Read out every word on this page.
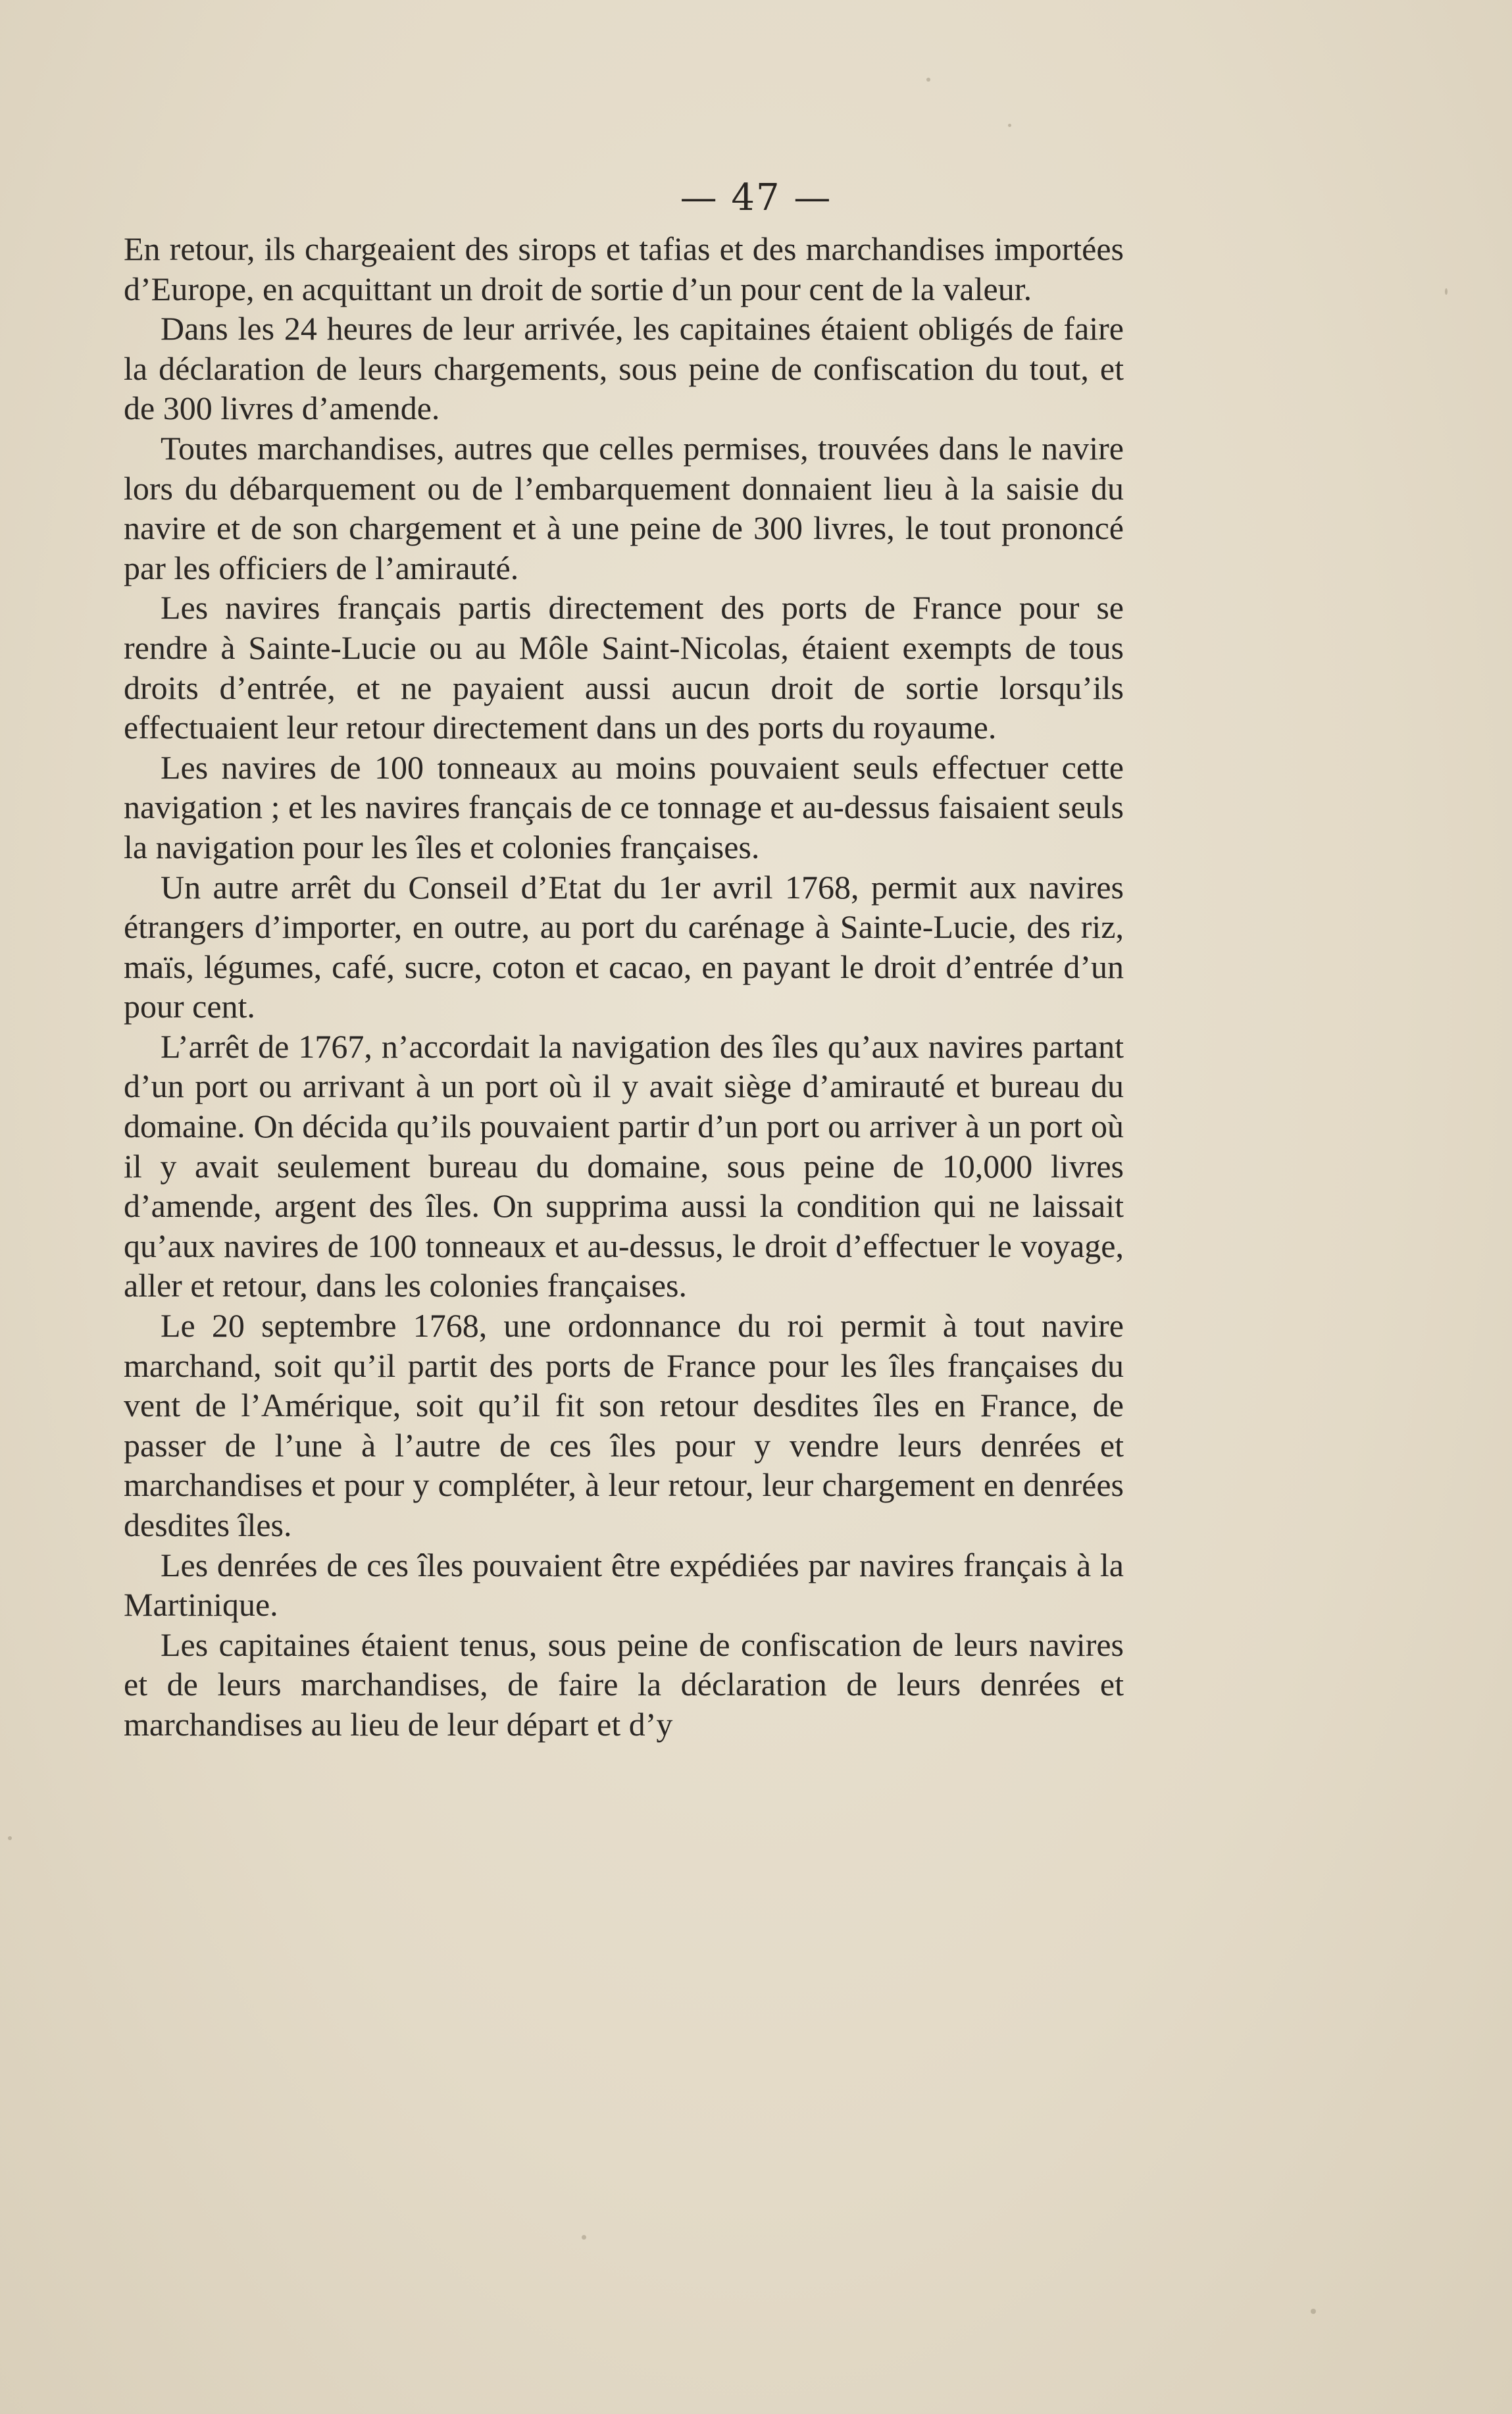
— 47 —

En retour, ils chargeaient des sirops et tafias et des marchandises importées d’Europe, en acquittant un droit de sortie d’un pour cent de la valeur.

Dans les 24 heures de leur arrivée, les capitaines étaient obligés de faire la déclaration de leurs chargements, sous peine de confiscation du tout, et de 300 livres d’amende.

Toutes marchandises, autres que celles permises, trouvées dans le navire lors du débarquement ou de l’embarquement donnaient lieu à la saisie du navire et de son chargement et à une peine de 300 livres, le tout prononcé par les officiers de l’amirauté.

Les navires français partis directement des ports de France pour se rendre à Sainte-Lucie ou au Môle Saint-Nicolas, étaient exempts de tous droits d’entrée, et ne payaient aussi aucun droit de sortie lorsqu’ils effectuaient leur retour directement dans un des ports du royaume.

Les navires de 100 tonneaux au moins pouvaient seuls effectuer cette navigation ; et les navires français de ce tonnage et au-dessus faisaient seuls la navigation pour les îles et colonies françaises.

Un autre arrêt du Conseil d’Etat du 1er avril 1768, permit aux navires étrangers d’importer, en outre, au port du carénage à Sainte-Lucie, des riz, maïs, légumes, café, sucre, coton et cacao, en payant le droit d’entrée d’un pour cent.

L’arrêt de 1767, n’accordait la navigation des îles qu’aux navires partant d’un port ou arrivant à un port où il y avait siège d’amirauté et bureau du domaine. On décida qu’ils pouvaient partir d’un port ou arriver à un port où il y avait seulement bureau du domaine, sous peine de 10,000 livres d’amende, argent des îles. On supprima aussi la condition qui ne laissait qu’aux navires de 100 tonneaux et au-dessus, le droit d’effectuer le voyage, aller et retour, dans les colonies françaises.

Le 20 septembre 1768, une ordonnance du roi permit à tout navire marchand, soit qu’il partit des ports de France pour les îles françaises du vent de l’Amérique, soit qu’il fit son retour desdites îles en France, de passer de l’une à l’autre de ces îles pour y vendre leurs denrées et marchandises et pour y compléter, à leur retour, leur chargement en denrées desdites îles.

Les denrées de ces îles pouvaient être expédiées par navires français à la Martinique.

Les capitaines étaient tenus, sous peine de confiscation de leurs navires et de leurs marchandises, de faire la déclaration de leurs denrées et marchandises au lieu de leur départ et d’y
